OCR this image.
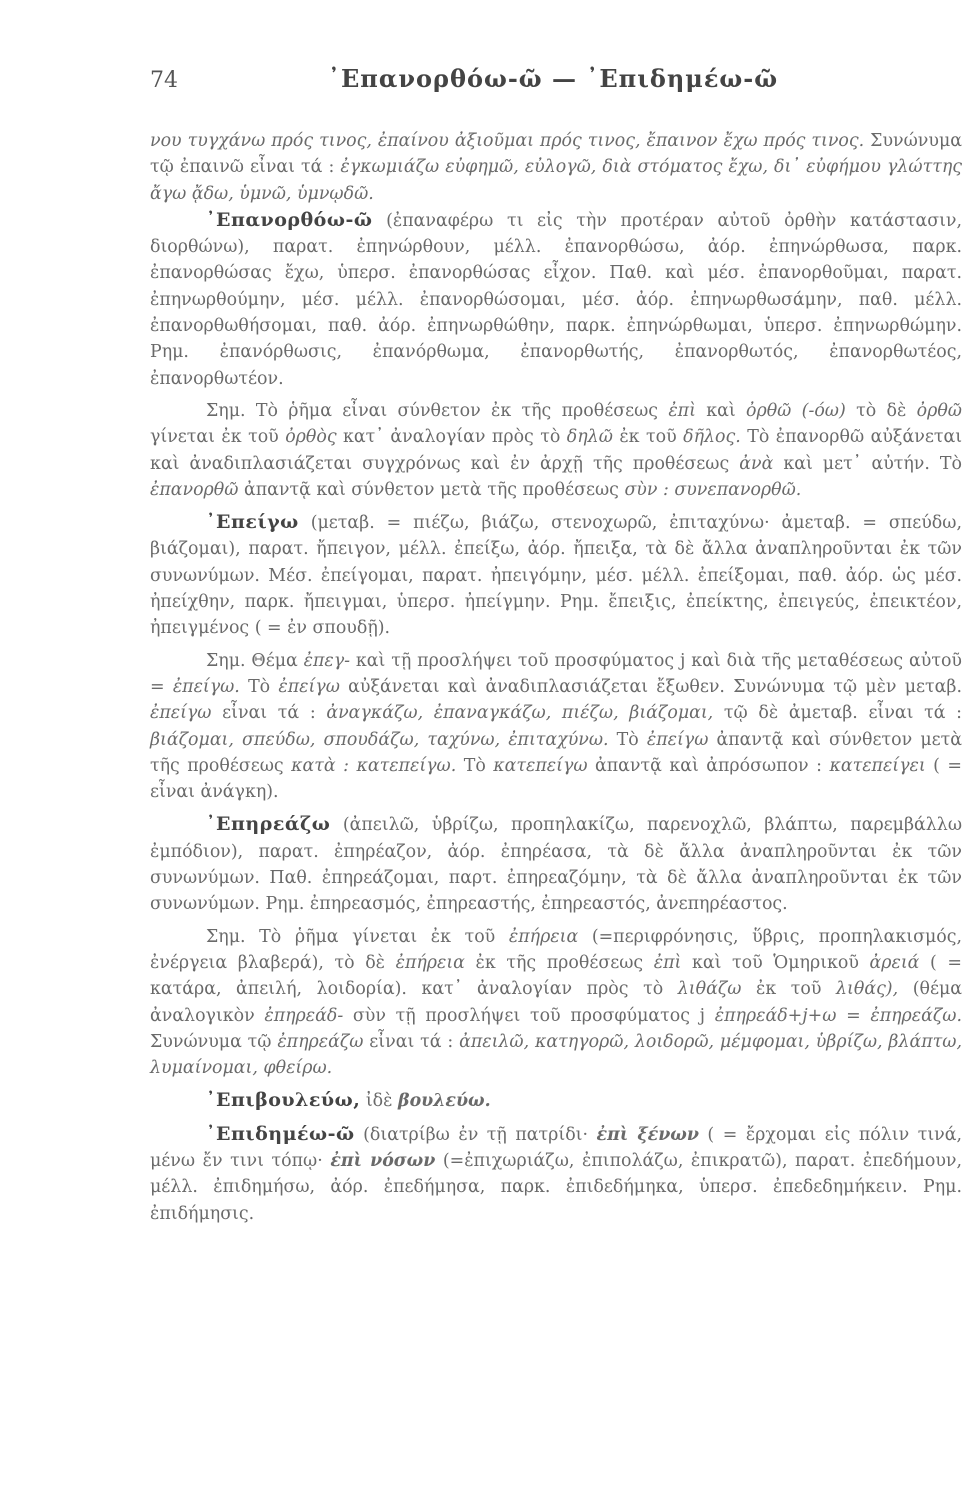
74	᾿Επανορθόω-ῶ — ᾿Επιδημέω-ῶ

νου τυγχάνω πρός τινος, ἐπαίνου ἀξιοῦμαι πρός τινος, ἔπαινον ἔχω πρός τινος. Συνώνυμα τῷ ἐπαινῶ εἶναι τά : ἐγκωμιάζω εὐφημῶ, εὐλογῶ, διὰ στόματος ἔχω, δι᾿ εὐφήμου γλώττης ἄγω ᾄδω, ὑμνῶ, ὑμνῳδῶ.

᾿Επανορθόω-ῶ (ἐπαναφέρω τι εἰς τὴν προτέραν αὐτοῦ ὀρθὴν κατάστασιν, διορθώνω), παρατ. ἐπηνώρθουν, μέλλ. ἐπανορθώσω, ἀόρ. ἐπηνώρθωσα, παρκ. ἐπανορθώσας ἔχω, ὑπερσ. ἐπανορθώσας εἶχον. Παθ. καὶ μέσ. ἐπανορθοῦμαι, παρατ. ἐπηνωρθούμην, μέσ. μέλλ. ἐπανορθώσομαι, μέσ. ἀόρ. ἐπηνωρθωσάμην, παθ. μέλλ. ἐπανορθωθήσομαι, παθ. ἀόρ. ἐπηνωρθώθην, παρκ. ἐπηνώρθωμαι, ὑπερσ. ἐπηνωρθώμην. Ρημ. ἐπανόρθωσις, ἐπανόρθωμα, ἐπανορθωτής, ἐπανορθωτός, ἐπανορθωτέος, ἐπανορθωτέον.

Σημ. Τὸ ῥῆμα εἶναι σύνθετον ἐκ τῆς προθέσεως ἐπὶ καὶ ὀρθῶ (-όω) τὸ δὲ ὀρθῶ γίνεται ἐκ τοῦ ὀρθὸς κατ᾿ ἀναλογίαν πρὸς τὸ δηλῶ ἐκ τοῦ δῆλος. Τὸ ἐπανορθῶ αὐξάνεται καὶ ἀναδιπλασιάζεται συγχρόνως καὶ ἐν ἀρχῇ τῆς προθέσεως ἀνὰ καὶ μετ᾿ αὐτήν. Τὸ ἐπανορθῶ ἀπαντᾷ καὶ σύνθετον μετὰ τῆς προθέσεως σὺν : συνεπανορθῶ.

᾿Επείγω (μεταβ. = πιέζω, βιάζω, στενοχωρῶ, ἐπιταχύνω· ἀμεταβ. = σπεύδω, βιάζομαι), παρατ. ἤπειγον, μέλλ. ἐπείξω, ἀόρ. ἤπειξα, τὰ δὲ ἄλλα ἀναπληροῦνται ἐκ τῶν συνωνύμων. Μέσ. ἐπείγομαι, παρατ. ἠπειγόμην, μέσ. μέλλ. ἐπείξομαι, παθ. ἀόρ. ὡς μέσ. ἠπείχθην, παρκ. ἤπειγμαι, ὑπερσ. ἠπείγμην. Ρημ. ἔπειξις, ἐπείκτης, ἐπειγεύς, ἐπεικτέον, ἠπειγμένος ( = ἐν σπουδῇ).

Σημ. Θέμα ἐπεγ- καὶ τῇ προσλήψει τοῦ προσφύματος j καὶ διὰ τῆς μεταθέσεως αὐτοῦ = ἐπείγω. Τὸ ἐπείγω αὐξάνεται καὶ ἀναδιπλασιάζεται ἔξωθεν. Συνώνυμα τῷ μὲν μεταβ. ἐπείγω εἶναι τά : ἀναγκάζω, ἐπαναγκάζω, πιέζω, βιάζομαι, τῷ δὲ ἀμεταβ. εἶναι τά : βιάζομαι, σπεύδω, σπουδάζω, ταχύνω, ἐπιταχύνω. Τὸ ἐπείγω ἀπαντᾷ καὶ σύνθετον μετὰ τῆς προθέσεως κατὰ : κατεπείγω. Τὸ κατεπείγω ἀπαντᾷ καὶ ἀπρόσωπον : κατεπείγει ( = εἶναι ἀνάγκη).

᾿Επηρεάζω (ἀπειλῶ, ὑβρίζω, προπηλακίζω, παρενοχλῶ, βλάπτω, παρεμβάλλω ἐμπόδιον), παρατ. ἐπηρέαζον, ἀόρ. ἐπηρέασα, τὰ δὲ ἄλλα ἀναπληροῦνται ἐκ τῶν συνωνύμων. Παθ. ἐπηρεάζομαι, παρτ. ἐπηρεαζόμην, τὰ δὲ ἄλλα ἀναπληροῦνται ἐκ τῶν συνωνύμων. Ρημ. ἐπηρεασμός, ἐπηρεαστής, ἐπηρεαστός, ἀνεπηρέαστος.

Σημ. Τὸ ῥῆμα γίνεται ἐκ τοῦ ἐπήρεια (=περιφρόνησις, ὕβρις, προπηλακισμός, ἐνέργεια βλαβερά), τὸ δὲ ἐπήρεια ἐκ τῆς προθέσεως ἐπὶ καὶ τοῦ Ὁμηρικοῦ ἀρειά ( = κατάρα, ἀπειλή, λοιδορία). κατ᾿ ἀναλογίαν πρὸς τὸ λιθάζω ἐκ τοῦ λιθάς), (θέμα ἀναλογικὸν ἐπηρεάδ- σὺν τῇ προσλήψει τοῦ προσφύματος j ἐπηρεάδ+j+ω = ἐπηρεάζω. Συνώνυμα τῷ ἐπηρεάζω εἶναι τά : ἀπειλῶ, κατηγορῶ, λοιδορῶ, μέμφομαι, ὑβρίζω, βλάπτω, λυμαίνομαι, φθείρω.

᾿Επιβουλεύω, ἰδὲ βουλεύω.

᾿Επιδημέω-ῶ (διατρίβω ἐν τῇ πατρίδι· ἐπὶ ξένων ( = ἔρχομαι εἰς πόλιν τινά, μένω ἔν τινι τόπῳ· ἐπὶ νόσων (=ἐπιχωριάζω, ἐπιπολάζω, ἐπικρατῶ), παρατ. ἐπεδήμουν, μέλλ. ἐπιδημήσω, ἀόρ. ἐπεδήμησα, παρκ. ἐπιδεδήμηκα, ὑπερσ. ἐπεδεδημήκειν. Ρημ. ἐπιδήμησις.
